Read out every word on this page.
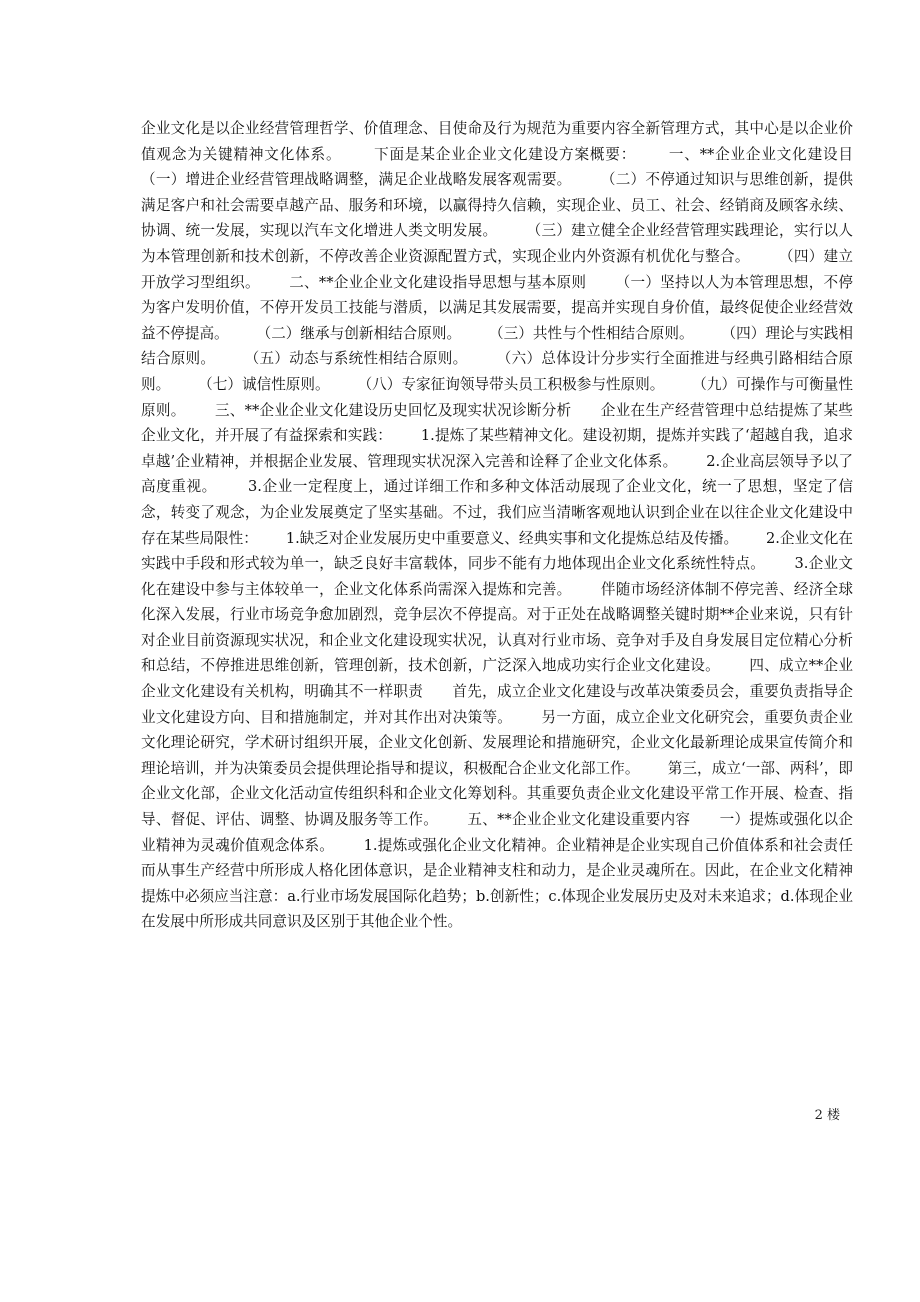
企业文化是以企业经营管理哲学、价值理念、目使命及行为规范为重要内容全新管理方式，其中心是以企业价值观念为关键精神文化体系。      下面是某企业企业文化建设方案概要：      一、**企业企业文化建设目      （一）增进企业经营管理战略调整，满足企业战略发展客观需要。      （二）不停通过知识与思维创新，提供满足客户和社会需要卓越产品、服务和环境，以赢得持久信赖，实现企业、员工、社会、经销商及顾客永续、协调、统一发展，实现以汽车文化增进人类文明发展。      （三）建立健全企业经营管理实践理论，实行以人为本管理创新和技术创新，不停改善企业资源配置方式，实现企业内外资源有机优化与整合。      （四）建立开放学习型组织。      二、**企业企业文化建设指导思想与基本原则      （一）坚持以人为本管理思想，不停为客户发明价值，不停开发员工技能与潜质，以满足其发展需要，提高并实现自身价值，最终促使企业经营效益不停提高。      （二）继承与创新相结合原则。      （三）共性与个性相结合原则。      （四）理论与实践相结合原则。      （五）动态与系统性相结合原则。      （六）总体设计分步实行全面推进与经典引路相结合原则。      （七）诚信性原则。      （八）专家征询领导带头员工积极参与性原则。      （九）可操作与可衡量性原则。      三、**企业企业文化建设历史回忆及现实状况诊断分析      企业在生产经营管理中总结提炼了某些企业文化，并开展了有益探索和实践：      1.提炼了某些精神文化。建设初期，提炼并实践了‘超越自我，追求卓越’企业精神，并根据企业发展、管理现实状况深入完善和诠释了企业文化体系。      2.企业高层领导予以了高度重视。      3.企业一定程度上，通过详细工作和多种文体活动展现了企业文化，统一了思想，坚定了信念，转变了观念，为企业发展奠定了坚实基础。不过，我们应当清晰客观地认识到企业在以往企业文化建设中存在某些局限性：      1.缺乏对企业发展历史中重要意义、经典实事和文化提炼总结及传播。      2.企业文化在实践中手段和形式较为单一，缺乏良好丰富载体，同步不能有力地体现出企业文化系统性特点。      3.企业文化在建设中参与主体较单一，企业文化体系尚需深入提炼和完善。      伴随市场经济体制不停完善、经济全球化深入发展，行业市场竞争愈加剧烈，竞争层次不停提高。对于正处在战略调整关键时期**企业来说，只有针对企业目前资源现实状况，和企业文化建设现实状况，认真对行业市场、竞争对手及自身发展目定位精心分析和总结，不停推进思维创新，管理创新，技术创新，广泛深入地成功实行企业文化建设。      四、成立**企业企业文化建设有关机构，明确其不一样职责      首先，成立企业文化建设与改革决策委员会，重要负责指导企业文化建设方向、目和措施制定，并对其作出对决策等。      另一方面，成立企业文化研究会，重要负责企业文化理论研究，学术研讨组织开展，企业文化创新、发展理论和措施研究，企业文化最新理论成果宣传简介和理论培训，并为决策委员会提供理论指导和提议，积极配合企业文化部工作。      第三，成立‘一部、两科’，即企业文化部，企业文化活动宣传组织科和企业文化筹划科。其重要负责企业文化建设平常工作开展、检查、指导、督促、评估、调整、协调及服务等工作。      五、**企业企业文化建设重要内容      一）提炼或强化以企业精神为灵魂价值观念体系。      1.提炼或强化企业文化精神。企业精神是企业实现自己价值体系和社会责任而从事生产经营中所形成人格化团体意识，是企业精神支柱和动力，是企业灵魂所在。因此，在企业文化精神提炼中必须应当注意：a.行业市场发展国际化趋势；b.创新性；c.体现企业发展历史及对未来追求；d.体现企业在发展中所形成共同意识及区别于其他企业个性。

2 楼
